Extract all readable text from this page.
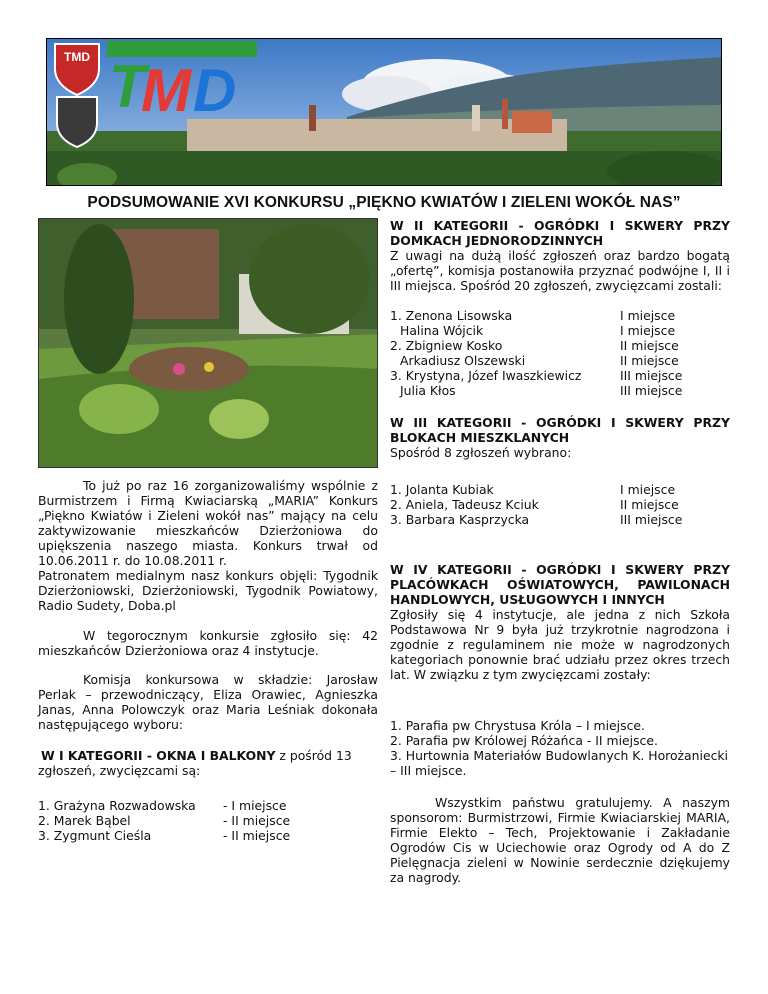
TMD T
M D
PODSUMOWANIE XVI KONKURSU „PIĘKNO KWIATÓW I ZIELENI WOKÓŁ NAS”

To już po raz 16 zorganizowaliśmy wspólnie z Burmistrzem i Firmą Kwiaciarską „MARIA” Konkurs „Piękno Kwiatów i Zieleni wokół nas” mający na celu zaktywizowanie mieszkańców Dzierżoniowa do upiększenia naszego miasta. Konkurs trwał od 10.06.2011 r. do 10.08.2011 r.

Patronatem medialnym nasz konkurs objęli: Tygodnik Dzierżoniowski, Dzierżoniowski, Tygodnik Powiatowy, Radio Sudety, Doba.pl

W tegorocznym konkursie zgłosiło się: 42 mieszkańców Dzierżoniowa oraz 4 instytucje.

Komisja konkursowa w składzie: Jarosław Perlak – przewodniczący, Eliza Orawiec, Agnieszka Janas, Anna Polowczyk oraz Maria Leśniak dokonała następującego wyboru:

W I KATEGORII - OKNA I BALKONY z pośród 13 zgłoszeń, zwycięzcami są:

1. Grażyna Rozwadowska	- I miejsce
2. Marek Bąbel	- II miejsce
3. Zygmunt Cieśla	- II miejsce

W II KATEGORII - OGRÓDKI I SKWERY PRZY DOMKACH JEDNORODZINNYCH

Z uwagi na dużą ilość zgłoszeń oraz bardzo bogatą „ofertę”, komisja postanowiła przyznać podwójne I, II i III miejsca. Spośród 20 zgłoszeń, zwycięzcami zostali:

1. Zenona Lisowska	I miejsce
Halina Wójcik	I miejsce
2. Zbigniew Kosko	II miejsce
Arkadiusz Olszewski	II miejsce
3. Krystyna, Józef Iwaszkiewicz	III miejsce
Julia Kłos	III miejsce

W III KATEGORII - OGRÓDKI I SKWERY PRZY BLOKACH MIESZKLANYCH

Spośród 8 zgłoszeń wybrano:

1. Jolanta Kubiak	I miejsce
2. Aniela, Tadeusz Kciuk	II miejsce
3. Barbara Kasprzycka	III miejsce

W IV KATEGORII - OGRÓDKI I SKWERY PRZY PLACÓWKACH OŚWIATOWYCH, PAWILONACH HANDLOWYCH, USŁUGOWYCH I INNYCH

Zgłosiły się 4 instytucje, ale jedna z nich Szkoła Podstawowa Nr 9 była już trzykrotnie nagrodzona i zgodnie z regulaminem nie może w nagrodzonych kategoriach ponownie brać udziału przez okres trzech lat. W związku z tym zwycięzcami zostały:

1. Parafia pw Chrystusa Króla – I miejsce.

2. Parafia pw Królowej Różańca - II miejsce.

3. Hurtownia Materiałów Budowlanych K. Horożaniecki – III miejsce.

Wszystkim państwu gratulujemy. A naszym sponsorom: Burmistrzowi, Firmie Kwiaciarskiej MARIA, Firmie Elekto – Tech, Projektowanie i Zakładanie Ogrodów Cis w Uciechowie oraz Ogrody od A do Z Pielęgnacja zieleni w Nowinie serdecznie dziękujemy za nagrody.
